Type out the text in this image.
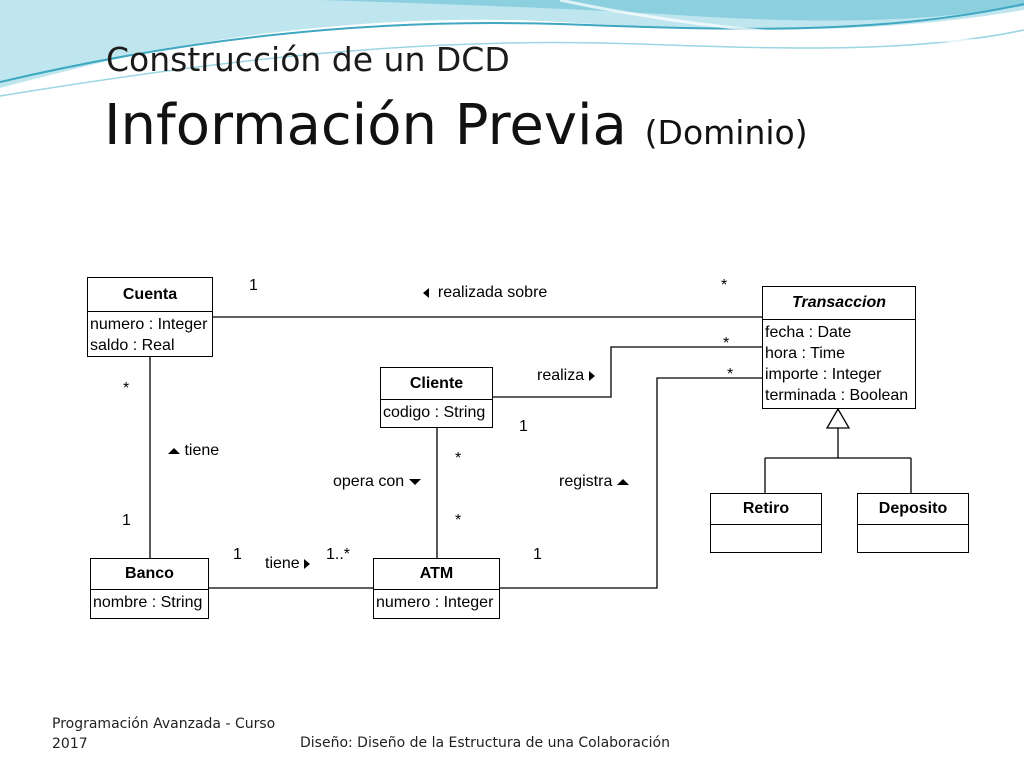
Construcción de un DCD
Información Previa (Dominio)
Cuenta
numero : Integer
saldo : Real
Cliente
codigo : String
Transaccion
fecha : Date
hora : Time
importe : Integer
terminada : Boolean
Banco
nombre : String
ATM
numero : Integer
Retiro	Deposito
realizada sobre
realiza
registra
tiene
opera con
tiene
1	*
*
1
*
1
*
1
*
*
1	1..*
Programación Avanzada - Curso 2017	Diseño: Diseño de la Estructura de una Colaboración
